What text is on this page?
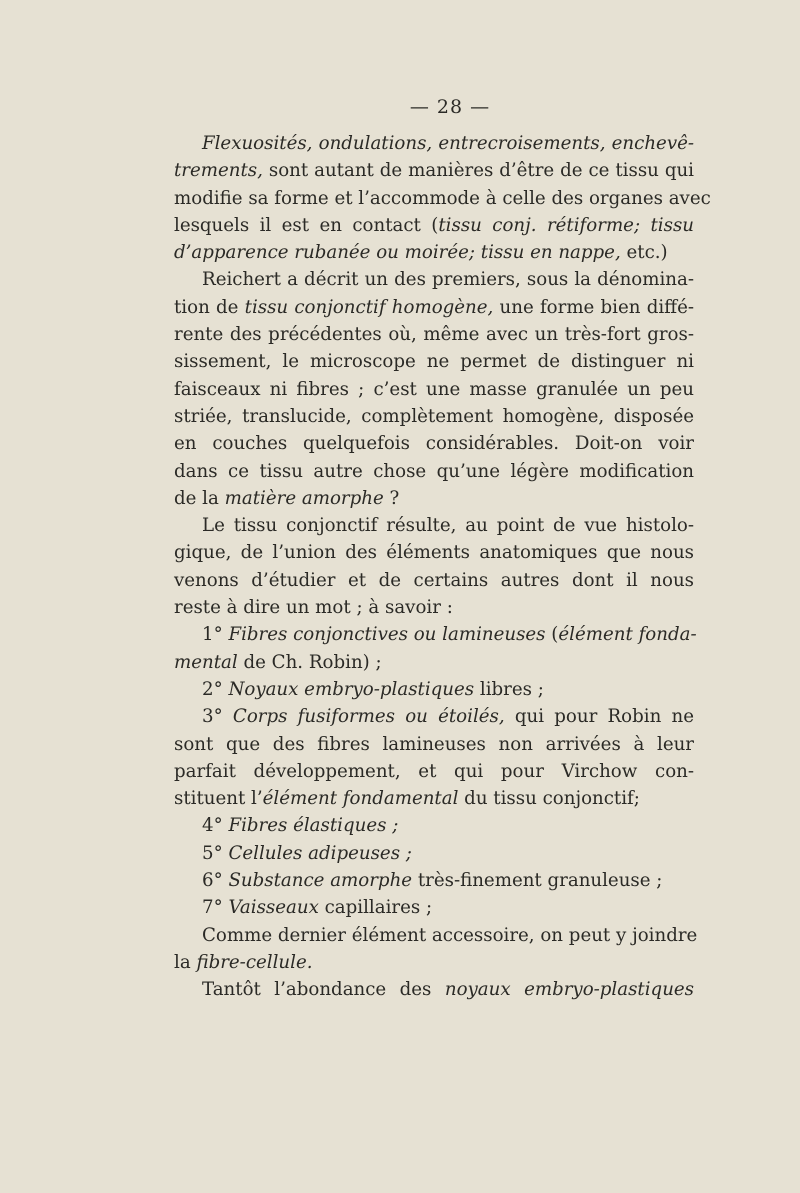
— 28 —
Flexuosités, ondulations, entrecroisements, enchevê-
trements, sont autant de manières d’être de ce tissu qui
modifie sa forme et l’accommode à celle des organes avec
lesquels il est en contact (tissu conj. rétiforme; tissu
d’apparence rubanée ou moirée; tissu en nappe, etc.)
Reichert a décrit un des premiers, sous la dénomina-
tion de tissu conjonctif homogène, une forme bien diffé-
rente des précédentes où, même avec un très-fort gros-
sissement, le microscope ne permet de distinguer ni
faisceaux ni fibres ; c’est une masse granulée un peu
striée, translucide, complètement homogène, disposée
en couches quelquefois considérables. Doit-on voir
dans ce tissu autre chose qu’une légère modification
de la matière amorphe ?
Le tissu conjonctif résulte, au point de vue histolo-
gique, de l’union des éléments anatomiques que nous
venons d’étudier et de certains autres dont il nous
reste à dire un mot ; à savoir :
1° Fibres conjonctives ou lamineuses (élément fonda-
mental de Ch. Robin) ;
2° Noyaux embryo-plastiques libres ;
3° Corps fusiformes ou étoilés, qui pour Robin ne
sont que des fibres lamineuses non arrivées à leur
parfait développement, et qui pour Virchow con-
stituent l’élément fondamental du tissu conjonctif;
4° Fibres élastiques ;
5° Cellules adipeuses ;
6° Substance amorphe très-finement granuleuse ;
7° Vaisseaux capillaires ;
Comme dernier élément accessoire, on peut y joindre
la fibre-cellule.
Tantôt l’abondance des noyaux embryo-plastiques
